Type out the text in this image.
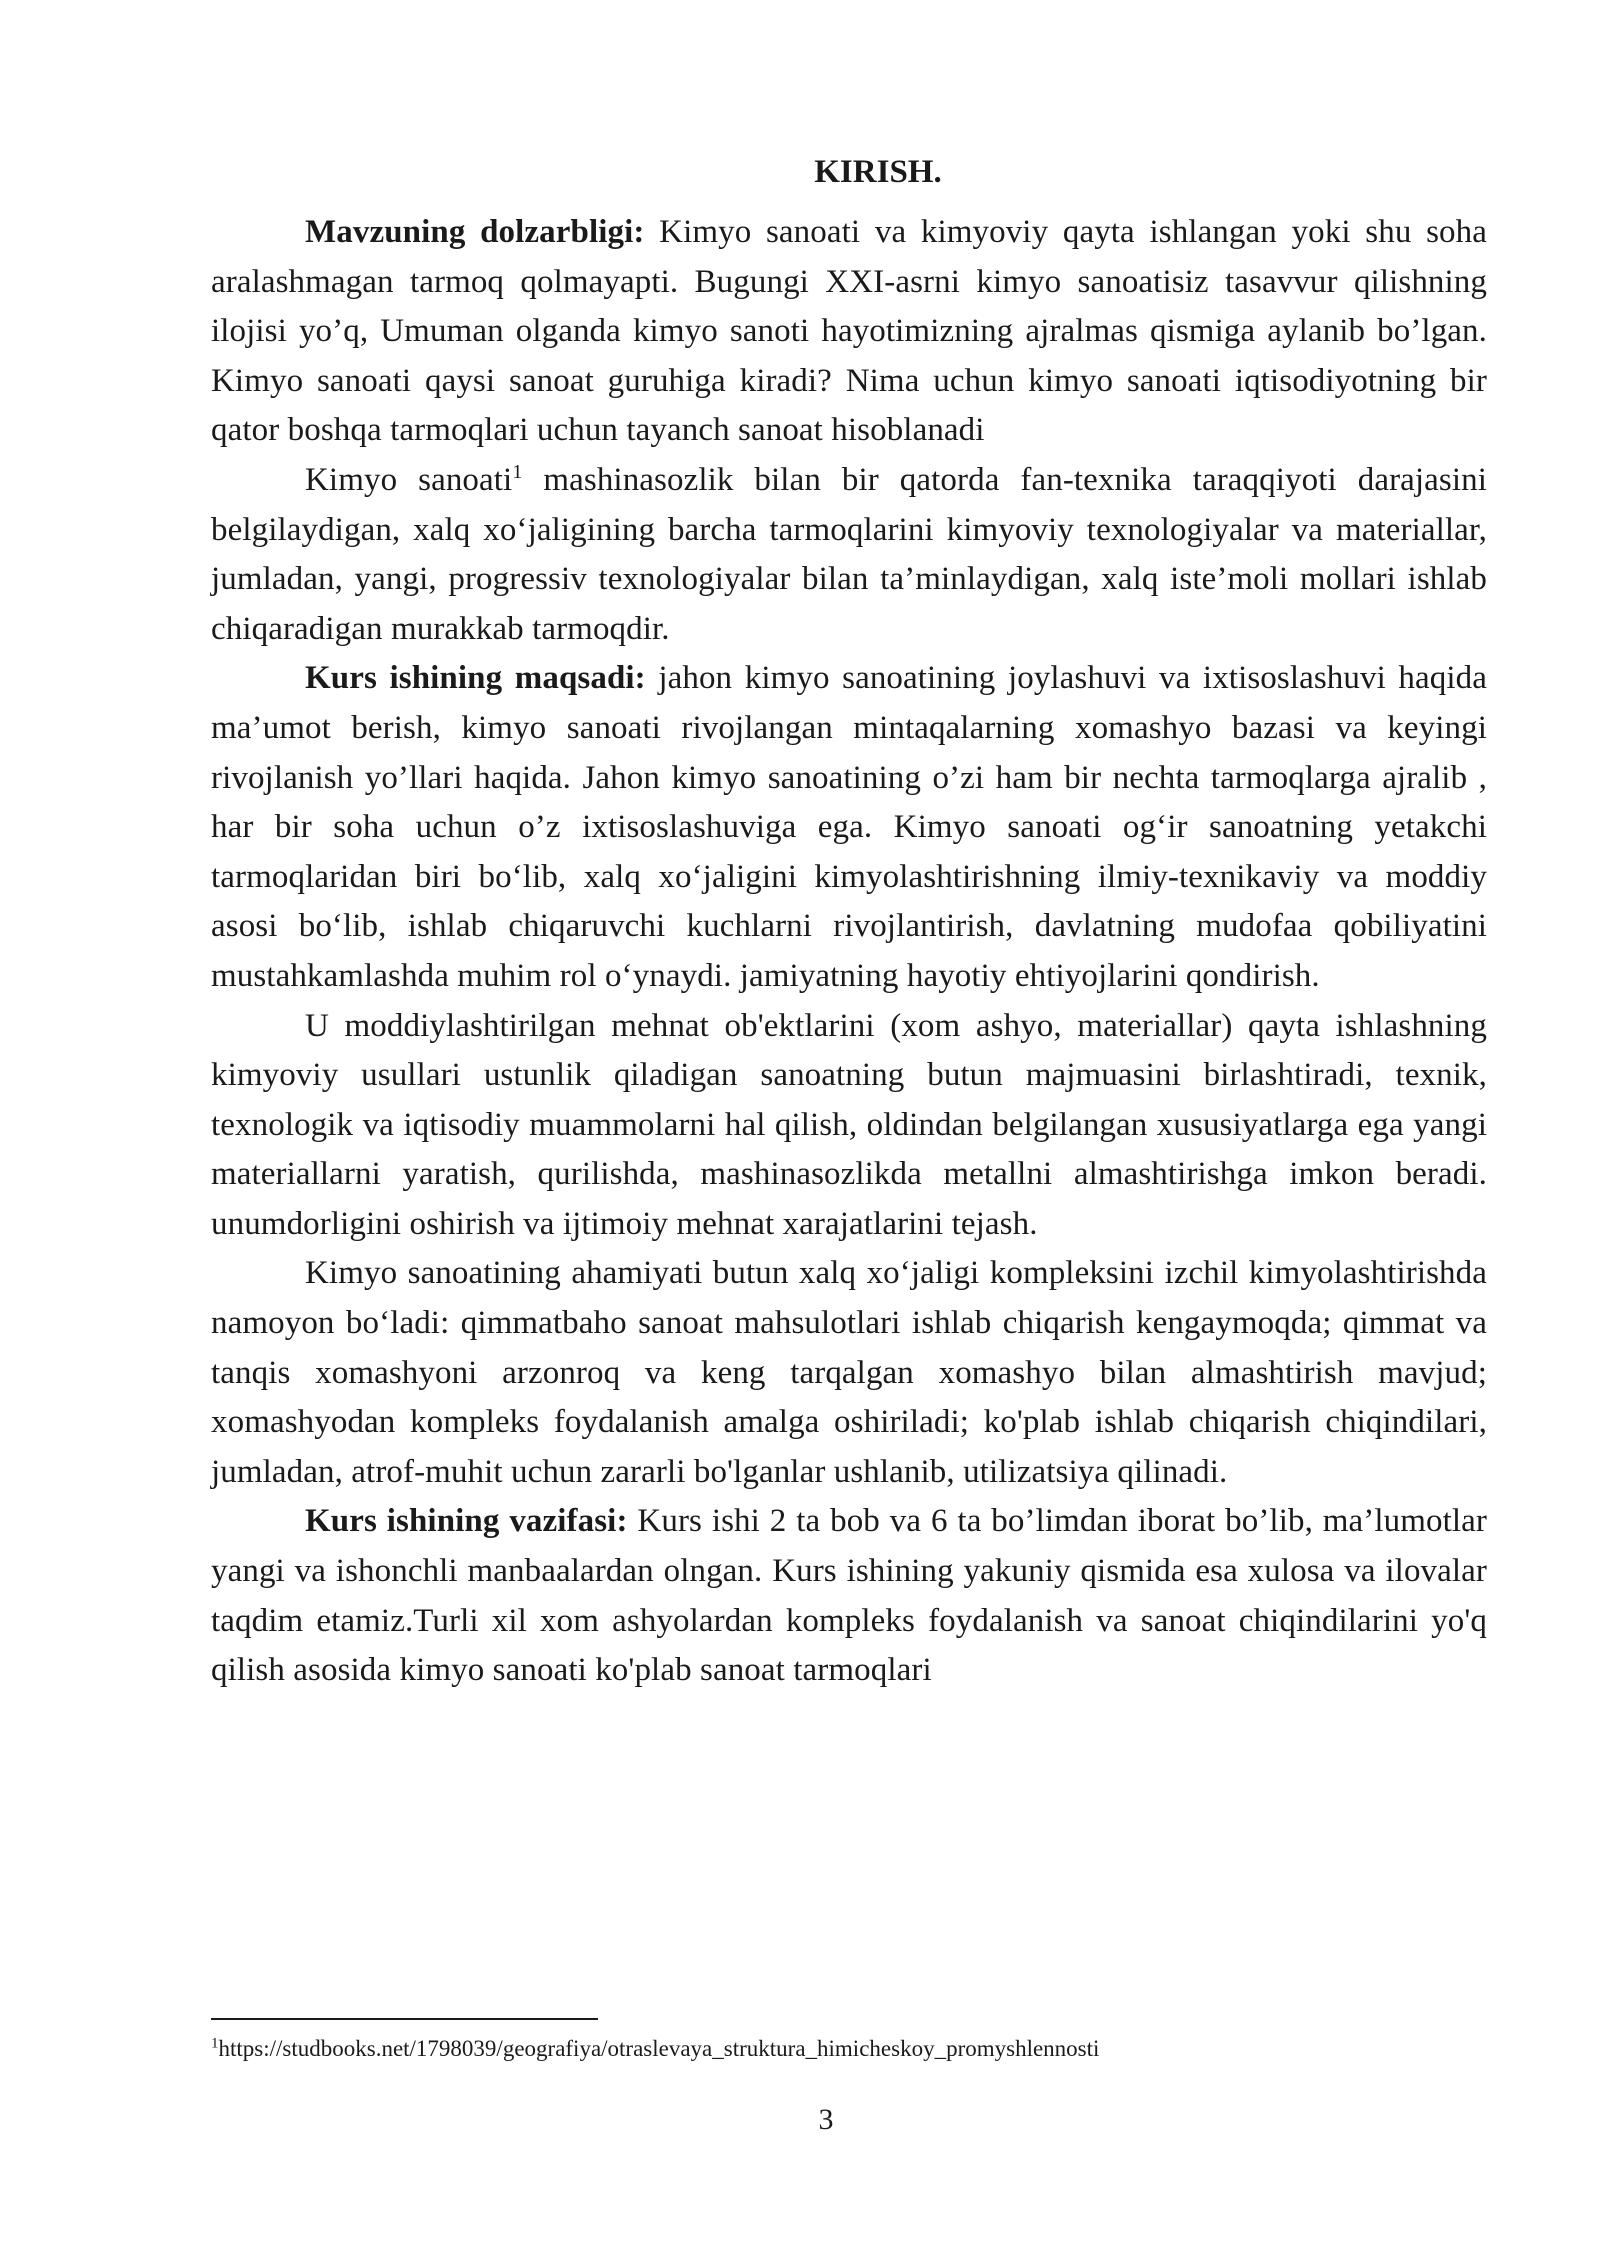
KIRISH.

Mavzuning dolzarbligi: Kimyo sanoati va kimyoviy qayta ishlangan yoki shu soha aralashmagan tarmoq qolmayapti. Bugungi XXI-asrni kimyo sanoatisiz tasavvur qilishning ilojisi yo’q, Umuman olganda kimyo sanoti hayotimizning ajralmas qismiga aylanib bo’lgan. Kimyo sanoati qaysi sanoat guruhiga kiradi? Nima uchun kimyo sanoati iqtisodiyotning bir qator boshqa tarmoqlari uchun tayanch sanoat hisoblanadi

Kimyo sanoati$^1$ mashinasozlik bilan bir qatorda fan-texnika taraqqiyoti darajasini belgilaydigan, xalq xo‘jaligining barcha tarmoqlarini kimyoviy texnologiyalar va materiallar, jumladan, yangi, progressiv texnologiyalar bilan ta’minlaydigan, xalq iste’moli mollari ishlab chiqaradigan murakkab tarmoqdir.

Kurs ishining maqsadi: jahon kimyo sanoatining joylashuvi va ixtisoslashuvi haqida ma’umot berish, kimyo sanoati rivojlangan mintaqalarning xomashyo bazasi va keyingi rivojlanish yo’llari haqida. Jahon kimyo sanoatining o’zi ham bir nechta tarmoqlarga ajralib , har bir soha uchun o’z ixtisoslashuviga ega. Kimyo sanoati og‘ir sanoatning yetakchi tarmoqlaridan biri bo‘lib, xalq xo‘jaligini kimyolashtirishning ilmiy-texnikaviy va moddiy asosi bo‘lib, ishlab chiqaruvchi kuchlarni rivojlantirish, davlatning mudofaa qobiliyatini mustahkamlashda muhim rol o‘ynaydi. jamiyatning hayotiy ehtiyojlarini qondirish.

U moddiylashtirilgan mehnat ob'ektlarini (xom ashyo, materiallar) qayta ishlashning kimyoviy usullari ustunlik qiladigan sanoatning butun majmuasini birlashtiradi, texnik, texnologik va iqtisodiy muammolarni hal qilish, oldindan belgilangan xususiyatlarga ega yangi materiallarni yaratish, qurilishda, mashinasozlikda metallni almashtirishga imkon beradi. unumdorligini oshirish va ijtimoiy mehnat xarajatlarini tejash.

Kimyo sanoatining ahamiyati butun xalq xo‘jaligi kompleksini izchil kimyolashtirishda namoyon bo‘ladi: qimmatbaho sanoat mahsulotlari ishlab chiqarish kengaymoqda; qimmat va tanqis xomashyoni arzonroq va keng tarqalgan xomashyo bilan almashtirish mavjud; xomashyodan kompleks foydalanish amalga oshiriladi; ko'plab ishlab chiqarish chiqindilari, jumladan, atrof-muhit uchun zararli bo'lganlar ushlanib, utilizatsiya qilinadi.

Kurs ishining vazifasi: Kurs ishi 2 ta bob va 6 ta bo’limdan iborat bo’lib, ma’lumotlar yangi va ishonchli manbaalardan olngan. Kurs ishining yakuniy qismida esa xulosa va ilovalar taqdim etamiz.Turli xil xom ashyolardan kompleks foydalanish va sanoat chiqindilarini yo'q qilish asosida kimyo sanoati ko'plab sanoat tarmoqlari

$^1$https://studbooks.net/1798039/geografiya/otraslevaya_struktura_himicheskoy_promyshlennosti
3
